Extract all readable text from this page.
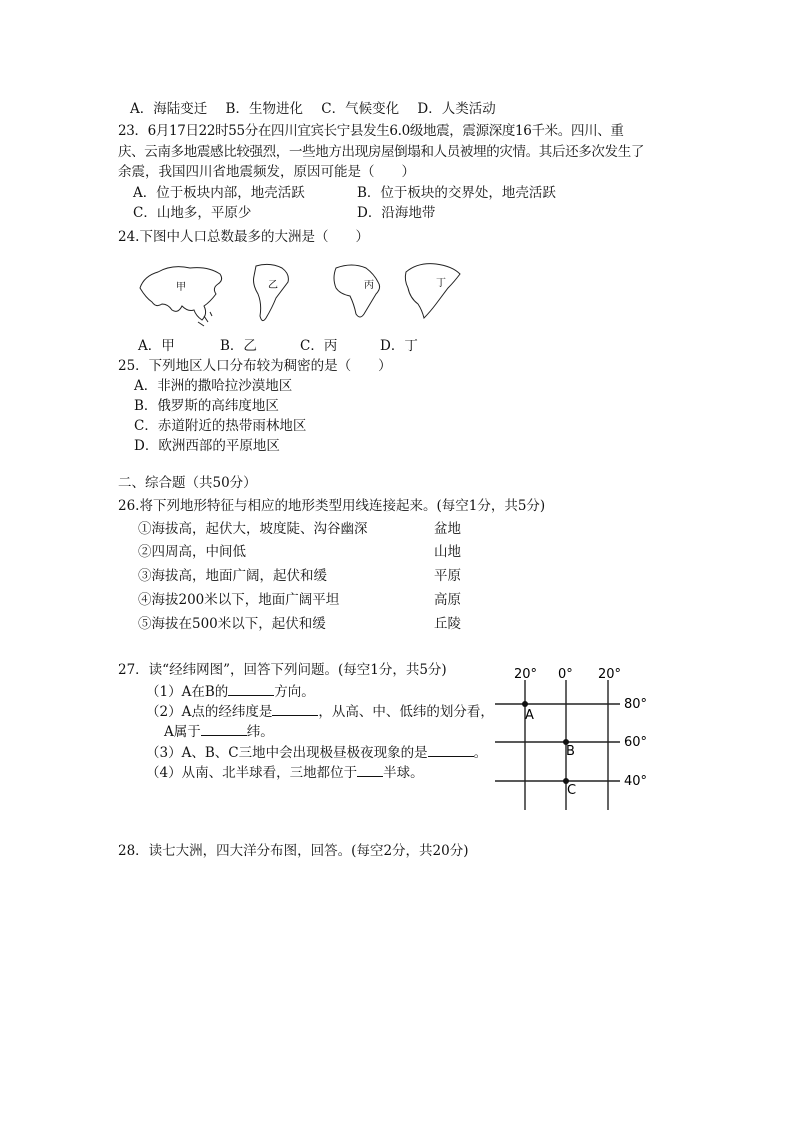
A．海陆变迁 B．生物进化 C．气候变化 D．人类活动
23．6月17日22时55分在四川宜宾长宁县发生6.0级地震，震源深度16千米。四川、重
庆、云南多地震感比较强烈，一些地方出现房屋倒塌和人员被埋的灾情。其后还多次发生了
余震，我国四川省地震频发，原因可能是（　　）
A．位于板块内部，地壳活跃	B．位于板块的交界处，地壳活跃
C．山地多，平原少	D．沿海地带
24.下图中人口总数最多的大洲是（　　）
甲	乙	丙	丁
A．甲	B．乙	C．丙	D．丁
25．下列地区人口分布较为稠密的是（　　）
A．非洲的撒哈拉沙漠地区
B．俄罗斯的高纬度地区
C．赤道附近的热带雨林地区
D．欧洲西部的平原地区
二、综合题（共50分）
26.将下列地形特征与相应的地形类型用线连接起来。(每空1分，共5分)
①海拔高，起伏大，坡度陡、沟谷幽深	盆地
②四周高，中间低	山地
③海拔高，地面广阔，起伏和缓	平原
④海拔200米以下，地面广阔平坦	高原
⑤海拔在500米以下，起伏和缓	丘陵
27．读“经纬网图”，回答下列问题。(每空1分，共5分)
（1）A在B的	方向。
（2）A点的经纬度是	，从高、中、低纬的划分看，
A属于	纬。
（3）A、B、C三地中会出现极昼极夜现象的是	。
（4）从南、北半球看，三地都位于 半球。
20° 0° 20°
80°
60°
40°
A
B
C
28．读七大洲，四大洋分布图，回答。(每空2分，共20分)
